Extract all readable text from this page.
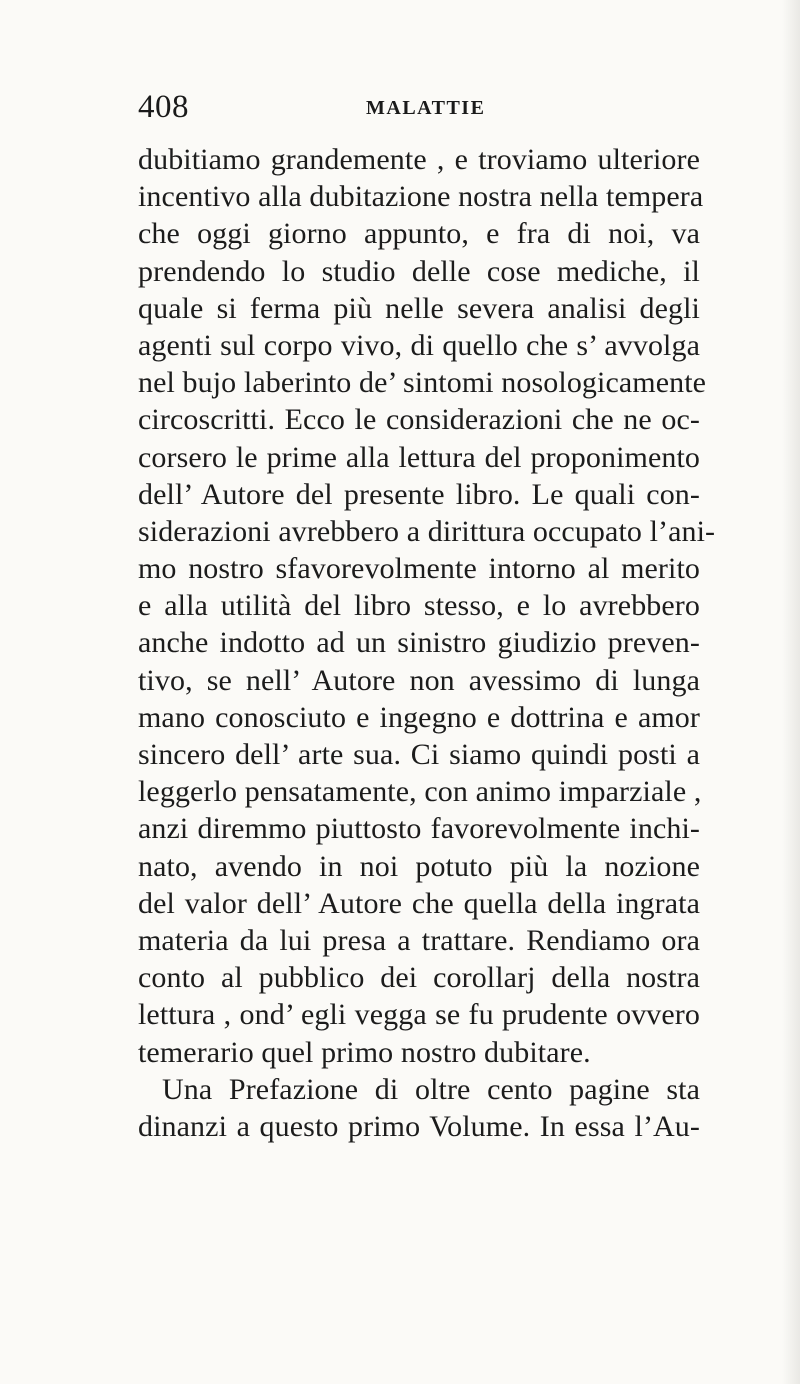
408	MALATTIE
dubitiamo grandemente , e troviamo ulteriore
incentivo alla dubitazione nostra nella tempera
che oggi giorno appunto, e fra di noi, va
prendendo lo studio delle cose mediche, il
quale si ferma più nelle severa analisi degli
agenti sul corpo vivo, di quello che s’ avvolga
nel bujo laberinto de’ sintomi nosologicamente
circoscritti. Ecco le considerazioni che ne oc-
corsero le prime alla lettura del proponimento
dell’ Autore del presente libro. Le quali con-
siderazioni avrebbero a dirittura occupato l’ani-
mo nostro sfavorevolmente intorno al merito
e alla utilità del libro stesso, e lo avrebbero
anche indotto ad un sinistro giudizio preven-
tivo, se nell’ Autore non avessimo di lunga
mano conosciuto e ingegno e dottrina e amor
sincero dell’ arte sua. Ci siamo quindi posti a
leggerlo pensatamente, con animo imparziale ,
anzi diremmo piuttosto favorevolmente inchi-
nato, avendo in noi potuto più la nozione
del valor dell’ Autore che quella della ingrata
materia da lui presa a trattare. Rendiamo ora
conto al pubblico dei corollarj della nostra
lettura , ond’ egli vegga se fu prudente ovvero
temerario quel primo nostro dubitare.
Una Prefazione di oltre cento pagine sta
dinanzi a questo primo Volume. In essa l’Au-
